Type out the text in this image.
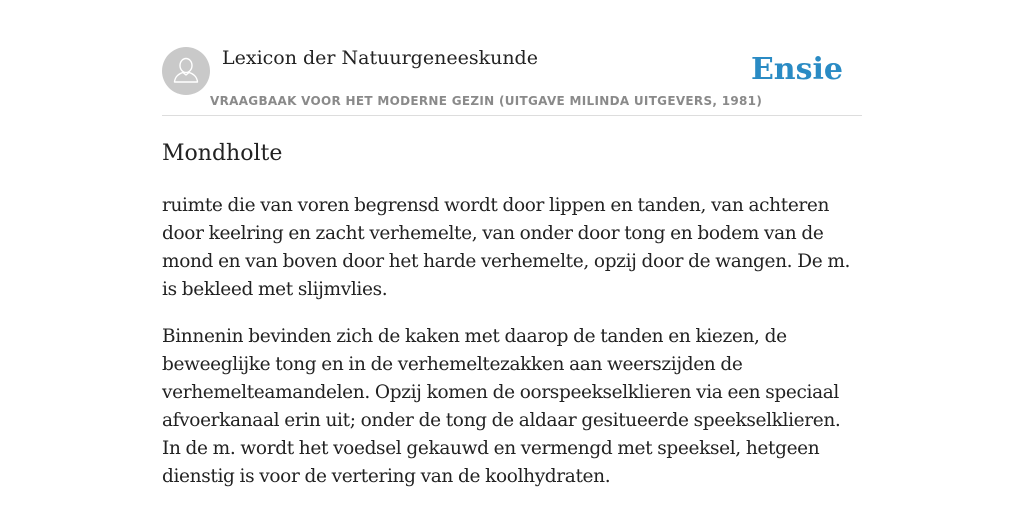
Lexicon der Natuurgeneeskunde
VRAAGBAAK VOOR HET MODERNE GEZIN (UITGAVE MILINDA UITGEVERS, 1981)
Ensie
Mondholte

ruimte die van voren begrensd wordt door lippen en tanden, van achteren door keelring en zacht verhemelte, van onder door tong en bodem van de mond en van boven door het harde verhemelte, opzij door de wangen. De m. is bekleed met slijmvlies.

Binnenin bevinden zich de kaken met daarop de tanden en kiezen, de beweeglijke tong en in de verhemeltezakken aan weerszijden de verhemelteamandelen. Opzij komen de oorspeekselklieren via een speciaal afvoerkanaal erin uit; onder de tong de aldaar gesitueerde speekselklieren. In de m. wordt het voedsel gekauwd en vermengd met speeksel, hetgeen dienstig is voor de vertering van de koolhydraten.
